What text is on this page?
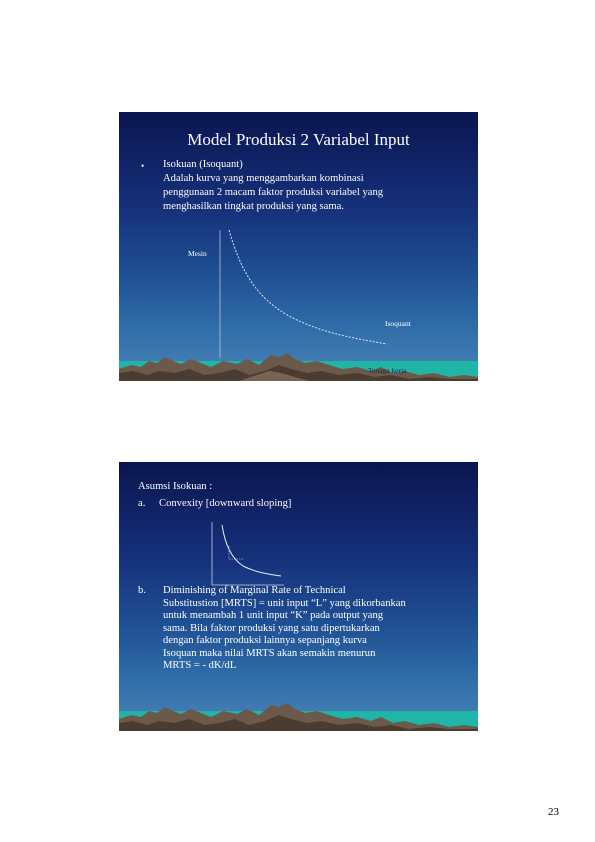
Model Produksi 2 Variabel Input
• Isokuan (Isoquant)
Adalah kurva yang menggambarkan kombinasi
penggunaan 2 macam faktor produksi variabel yang
menghasilkan tingkat produksi yang sama.
Mesin
Isoquant
Tenaga kerja
Asumsi Isokuan :
a. Convexity [downward sloping]
b. Diminishing of Marginal Rate of Technical
Substitustion [MRTS] = unit input “L” yang dikorbankan
untuk menambah 1 unit input “K” pada output yang
sama. Bila faktor produksi yang satu dipertukarkan
dengan faktor produksi lainnya sepanjang kurva
Isoquan maka nilai MRTS akan semakin menurun
MRTS = - dK/dL
23
